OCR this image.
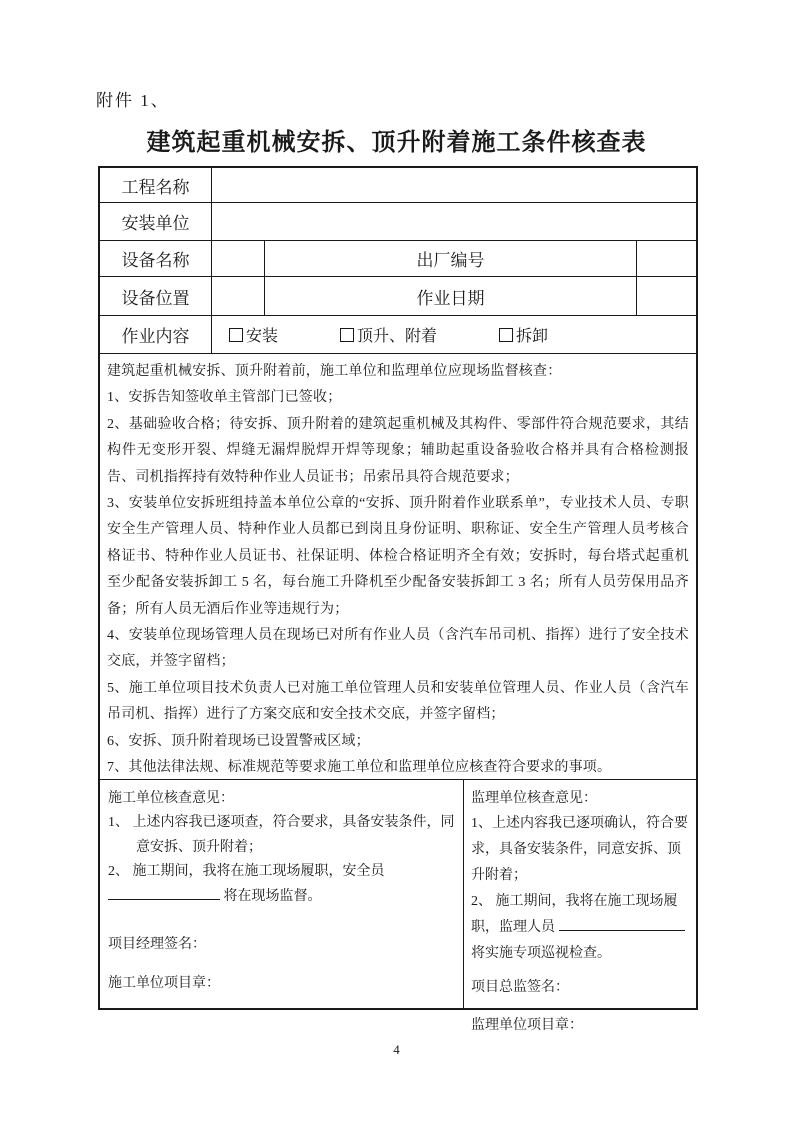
附件 1、
建筑起重机械安拆、顶升附着施工条件核查表
工程名称
安装单位
设备名称	出厂编号
设备位置	作业日期
作业内容	安装	顶升、附着	拆卸
建筑起重机械安拆、顶升附着前，施工单位和监理单位应现场监督核查：
1、安拆告知签收单主管部门已签收；
2、基础验收合格；待安拆、顶升附着的建筑起重机械及其构件、零部件符合规范要求，其结构件无变形开裂、焊缝无漏焊脱焊开焊等现象；辅助起重设备验收合格并具有合格检测报告、司机指挥持有效特种作业人员证书；吊索吊具符合规范要求；
3、安装单位安拆班组持盖本单位公章的“安拆、顶升附着作业联系单”，专业技术人员、专职安全生产管理人员、特种作业人员都已到岗且身份证明、职称证、安全生产管理人员考核合格证书、特种作业人员证书、社保证明、体检合格证明齐全有效；安拆时，每台塔式起重机至少配备安装拆卸工 5 名，每台施工升降机至少配备安装拆卸工 3 名；所有人员劳保用品齐备；所有人员无酒后作业等违规行为；
4、安装单位现场管理人员在现场已对所有作业人员（含汽车吊司机、指挥）进行了安全技术交底，并签字留档；
5、施工单位项目技术负责人已对施工单位管理人员和安装单位管理人员、作业人员（含汽车吊司机、指挥）进行了方案交底和安全技术交底，并签字留档；
6、安拆、顶升附着现场已设置警戒区域；
7、其他法律法规、标准规范等要求施工单位和监理单位应核查符合要求的事项。
施工单位核查意见：
1、 上述内容我已逐项查，符合要求，具备安装条件，同意安拆、顶升附着；
2、 施工期间，我将在施工现场履职，安全员
将在现场监督。
项目经理签名：
施工单位项目章：
监理单位核查意见：
1、上述内容我已逐项确认，符合要求，具备安装条件，同意安拆、顶升附着；
2、 施工期间，我将在施工现场履职，监理人员  将实施专项巡视检查。
项目总监签名：
监理单位项目章：
4
